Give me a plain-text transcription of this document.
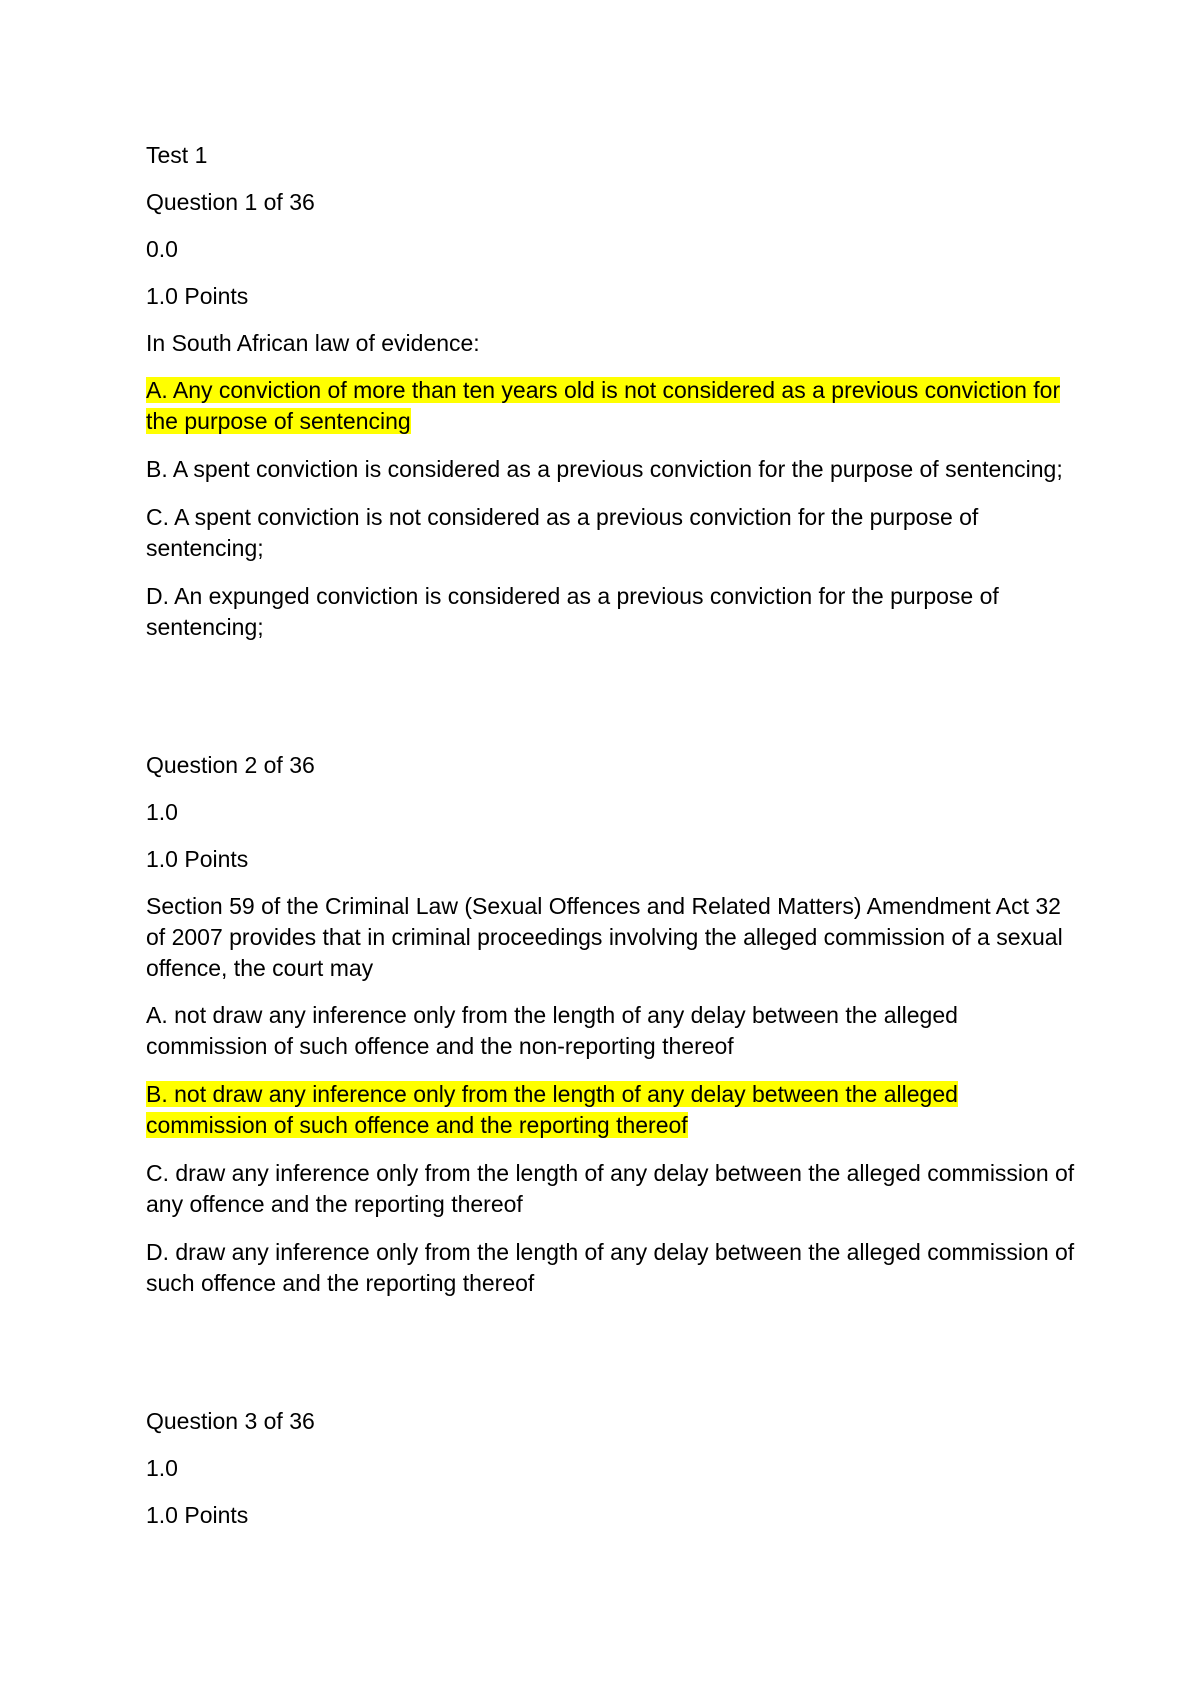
Test 1
Question 1 of 36
0.0
1.0 Points
In South African law of evidence:
A. Any conviction of more than ten years old is not considered as a previous conviction for the purpose of sentencing
B. A spent conviction is considered as a previous conviction for the purpose of sentencing;
C. A spent conviction is not considered as a previous conviction for the purpose of sentencing;
D. An expunged conviction is considered as a previous conviction for the purpose of sentencing;
Question 2 of 36
1.0
1.0 Points
Section 59 of the Criminal Law (Sexual Offences and Related Matters) Amendment Act 32 of 2007 provides that in criminal proceedings involving the alleged commission of a sexual offence, the court may
A. not draw any inference only from the length of any delay between the alleged commission of such offence and the non-reporting thereof
B. not draw any inference only from the length of any delay between the alleged commission of such offence and the reporting thereof
C. draw any inference only from the length of any delay between the alleged commission of any offence and the reporting thereof
D. draw any inference only from the length of any delay between the alleged commission of such offence and the reporting thereof
Question 3 of 36
1.0
1.0 Points
